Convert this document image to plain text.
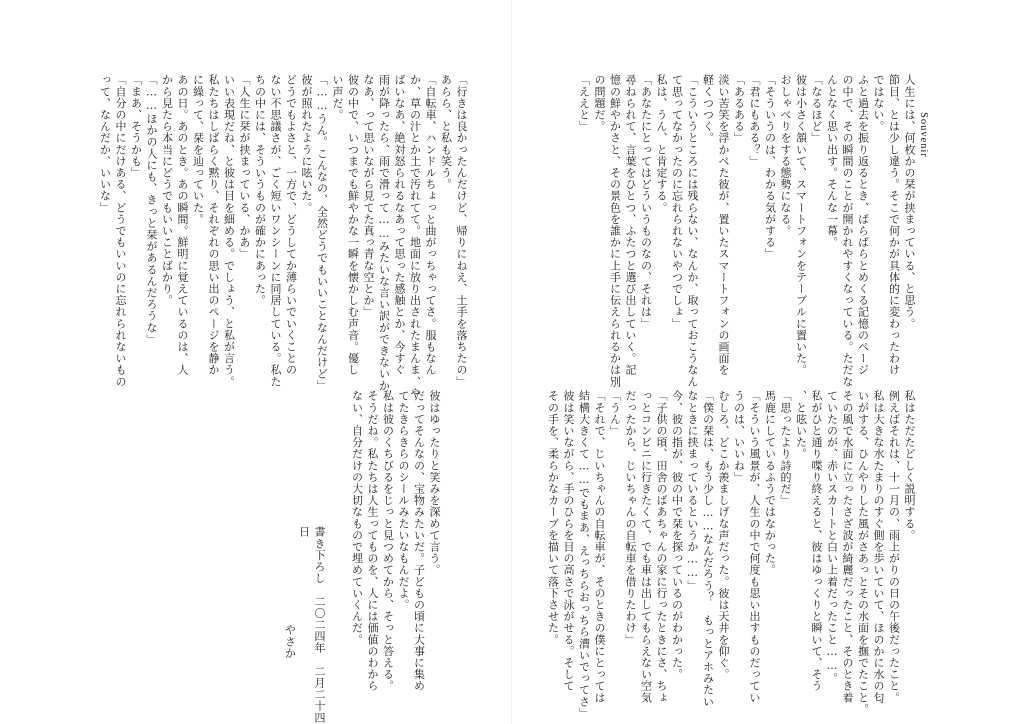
Souvenir

人生には、何枚かの栞が挟まっている、と思う。

節目、とは少し違う。そこで何かが具体的に変わったわけ

ではない。

ふと過去を振り返るとき、ぱらぱらとめくる記憶のページ

の中で、その瞬間のことが開かれやすくなっている。ただな

んとなく思い出す。そんな一幕。

「なるほど」

彼は小さく頷いて、スマートフォンをテーブルに置いた。

おしゃべりをする態勢になる。

「そういうのは、わかる気がする」

「君にもある？」

「あるある」

淡い苦笑を浮かべた彼が、置いたスマートフォンの画面を

軽くつつく。

「こういうところには残らない、なんか、取っておこうなん

て思ってなかったのに忘れられないやつでしょ」

私は、うん、と肯定する。

「あなたにとってはどういうものなの、それは」

尋ねられて、言葉をひとつ、ふたつと選び出していく。記

憶の鮮やかさと、その景色を誰かに上手に伝えられるかは別

の問題だ。

「ええと」

私はただたどしく説明する。

例えばそれは、十一月の、雨上がりの日の午後だったこと。

私は大きな水たまりのすぐ側を歩いていて、ほのかに水の匂

いがする、ひんやりした風がさあっとその水面を撫でたこと。

その風で水面に立ったさざ波が綺麗だったこと、そのとき着

ていたのが、赤いスカートと白い上着だったこと……。

私がひと通り喋り終えると、彼はゆっくりと瞬いて、そう

、と呟いた。

「思ったより詩的だ」

馬鹿にしているふうではなかった。

「そういう風景が、人生の中で何度も思い出すものだってい

うのは、いいね」

むしろ、どこか羨ましげな声だった。彼は天井を仰ぐ。

「僕の栞は、もう少し……なんだろう？　もっとアホみたい

なときに挟まっているというか……」

今、彼の指が、彼の中で栞を探っているのがわかった。

「子供の頃、田舎のばあちゃんの家に行ったときにさ、ちょ

っとコンビニに行きたくて、でも車は出してもらえない空気

だったから、じいちゃんの自転車を借りたわけ」

「うん」

「それで、じいちゃんの自転車が、そのときの僕にとっては

結構大きくて……でもまあ、えっちらおっちら漕いでってさ」

彼は笑いながら、手のひらを目の高さで泳がせる。そして

その手を、柔らかなカーブを描いて落下させた。

「行きは良かったんだけど、帰りにねえ、土手を落ちたの」

あらら、と私も笑う。

「自転車、ハンドルちょっと曲がっちゃってさ。服もなん

か、草の汁とか土で汚れてて。地面に放り出されたまんま、や

ばいなあ、絶対怒られるなあって思った感触とか、今すぐ

雨が降ったら、雨で滑って……みたいな言い訳ができないか

なあ、って思いながら見てた真っ青な空とか」

彼の中で、いつまでも鮮やかな一瞬を懐かしむ声音。優し

い声だ。

「……うん。こんなの、全然どうでもいいことなんだけど」

彼が照れたように呟いた。

どうでもよさと、一方で、どうしてか薄らいでいくことの

ない不思議さが、ごく短いワンシーンに同居している。私た

ちの中には、そういうものが確かにあった。

「人生に栞が挟まっている、かあ」

いい表現だね、と彼は目を細める。でしょう、と私が言う。

私たちはしばらく黙り、それぞれの思い出のページを静か

に繰って、栞を辿っていた。

あの日。あのとき。あの瞬間。鮮明に覚えているのは、人

から見たら本当にどうでもいいことばかり。

「……ほかの人にも、きっと栞があるんだろうな」

「まあ、そうかも」

「自分の中にだけある、どうでもいいのに忘れられないもの

って、なんだか、いいな」

彼はゆったりと笑みを深めて言う。

だってそんなの、宝物みたいだ。子どもの頃に大事に集め

てたきらきらのシールみたいなもんだよ。

私は彼のくちびるをじっと見つめてから、そっと答える。

そうだね。私たちは人生ってものを、人には価値のわから

ない、自分だけの大切なもので埋めていくんだ。

書き下ろし　二〇二四年　二月二十四日
やさか
